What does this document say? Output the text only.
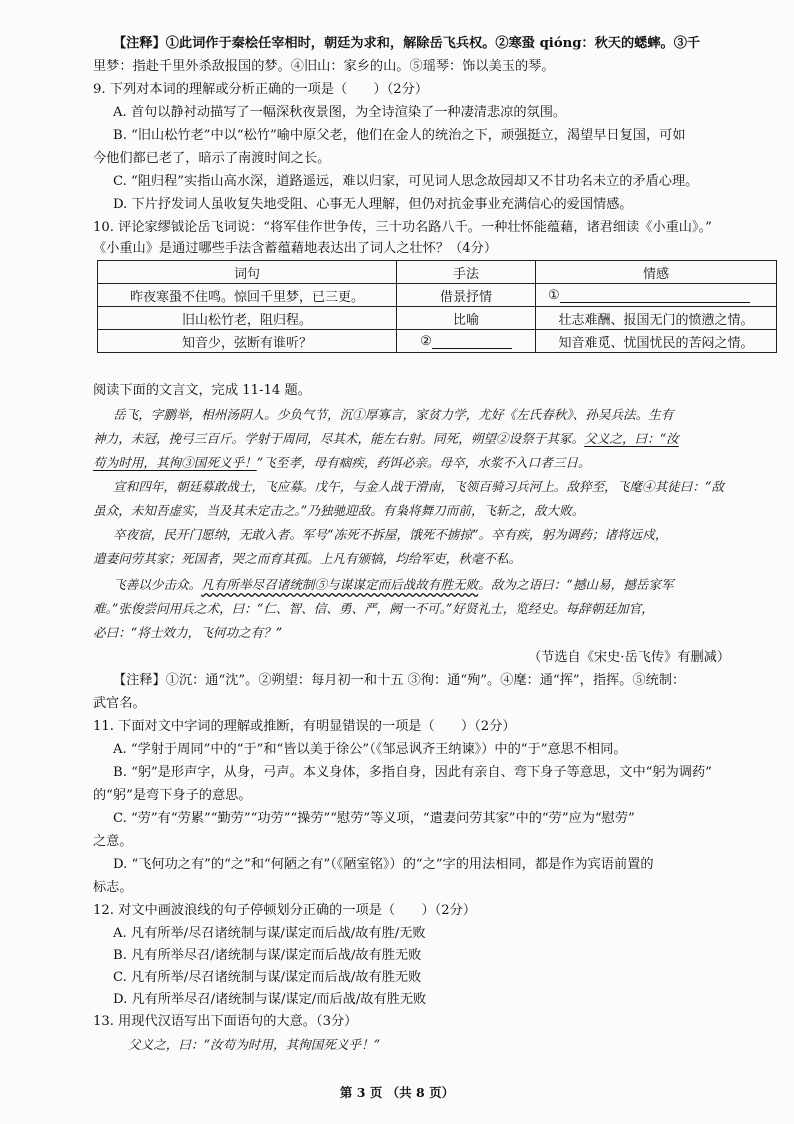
【注释】①此词作于秦桧任宰相时，朝廷为求和，解除岳飞兵权。②寒蛩 qióng：秋天的蟋蟀。③千
里梦：指赴千里外杀敌报国的梦。④旧山：家乡的山。⑤瑶琴：饰以美玉的琴。
9. 下列对本词的理解或分析正确的一项是（　　）（2分）
A. 首句以静衬动描写了一幅深秋夜景图，为全诗渲染了一种凄清悲凉的氛围。
B. “旧山松竹老”中以“松竹”喻中原父老，他们在金人的统治之下，顽强挺立，渴望早日复国，可如
今他们都已老了，暗示了南渡时间之长。
C. “阻归程”实指山高水深，道路遥远，难以归家，可见词人思念故园却又不甘功名未立的矛盾心理。
D. 下片抒发词人虽收复失地受阻、心事无人理解，但仍对抗金事业充满信心的爱国情感。
10. 评论家缪钺论岳飞词说：“将军佳作世争传，三十功名路八千。一种壮怀能蕴藉，诸君细读《小重山》。”
《小重山》是通过哪些手法含蓄蕴藉地表达出了词人之壮怀？（4分）
词句	手法	情感
昨夜寒蛩不住鸣。惊回千里梦，已三更。	借景抒情	①
旧山松竹老，阻归程。	比喻	壮志难酬、报国无门的愤懑之情。
知音少，弦断有谁听？	②	知音难觅、忧国忧民的苦闷之情。
阅读下面的文言文，完成 11-14 题。
岳飞，字鹏举，相州汤阴人。少负气节，沉①厚寡言，家贫力学，尤好《左氏春秋》、孙吴兵法。生有
神力，未冠，挽弓三百斤。学射于周同，尽其术，能左右射。同死，朔望②设祭于其冢。父义之，曰：“汝
苟为时用，其徇③国死义乎！”飞至孝，母有痼疾，药饵必亲。母卒，水浆不入口者三日。
宣和四年，朝廷募敢战士，飞应募。戊午，与金人战于滑南，飞领百骑习兵河上。敌猝至，飞麾④其徒曰：“敌
虽众，未知吾虚实，当及其未定击之。”乃独驰迎敌。有枭将舞刀而前，飞斩之，敌大败。
卒夜宿，民开门愿纳，无敢入者。军号“冻死不拆屋，饿死不掳掠”。卒有疾，躬为调药；诸将远戍，
遣妻问劳其家；死国者，哭之而育其孤。上凡有颁犒，均给军吏，秋毫不私。
飞善以少击众。凡有所举尽召诸统制⑤与谋谋定而后战故有胜无败。敌为之语曰：“撼山易，撼岳家军
难。”张俊尝问用兵之术，曰：“仁、智、信、勇、严，阙一不可。”好贤礼士，览经史。每辞朝廷加官，
必曰：“将士效力，飞何功之有？”
（节选自《宋史·岳飞传》有删减）
【注释】①沉：通“沈”。②朔望：每月初一和十五 ③徇：通“殉”。④麾：通“挥”，指挥。⑤统制：
武官名。
11. 下面对文中字词的理解或推断，有明显错误的一项是（　　）（2分）
A. “学射于周同”中的“于”和“皆以美于徐公”（《邹忌讽齐王纳谏》）中的“于”意思不相同。
B. “躬”是形声字，从身，弓声。本义身体，多指自身，因此有亲自、弯下身子等意思，文中“躬为调药”
的“躬”是弯下身子的意思。
C. “劳”有“劳累”“勤劳”“功劳”“操劳”“慰劳”等义项，“遣妻问劳其家”中的“劳”应为“慰劳”
之意。
D. “飞何功之有”的“之”和“何陋之有”（《陋室铭》）的“之”字的用法相同，都是作为宾语前置的
标志。
12. 对文中画波浪线的句子停顿划分正确的一项是（　　）（2分）
A. 凡有所举/尽召诸统制与谋/谋定而后战/故有胜/无败
B. 凡有所举尽召/诸统制与谋/谋定而后战/故有胜无败
C. 凡有所举/尽召诸统制与谋/谋定而后战/故有胜无败
D. 凡有所举尽召/诸统制与谋/谋定/而后战/故有胜无败
13. 用现代汉语写出下面语句的大意。（3分）
父义之，曰：“汝苟为时用，其徇国死义乎！”
第 3 页 （共 8 页）
